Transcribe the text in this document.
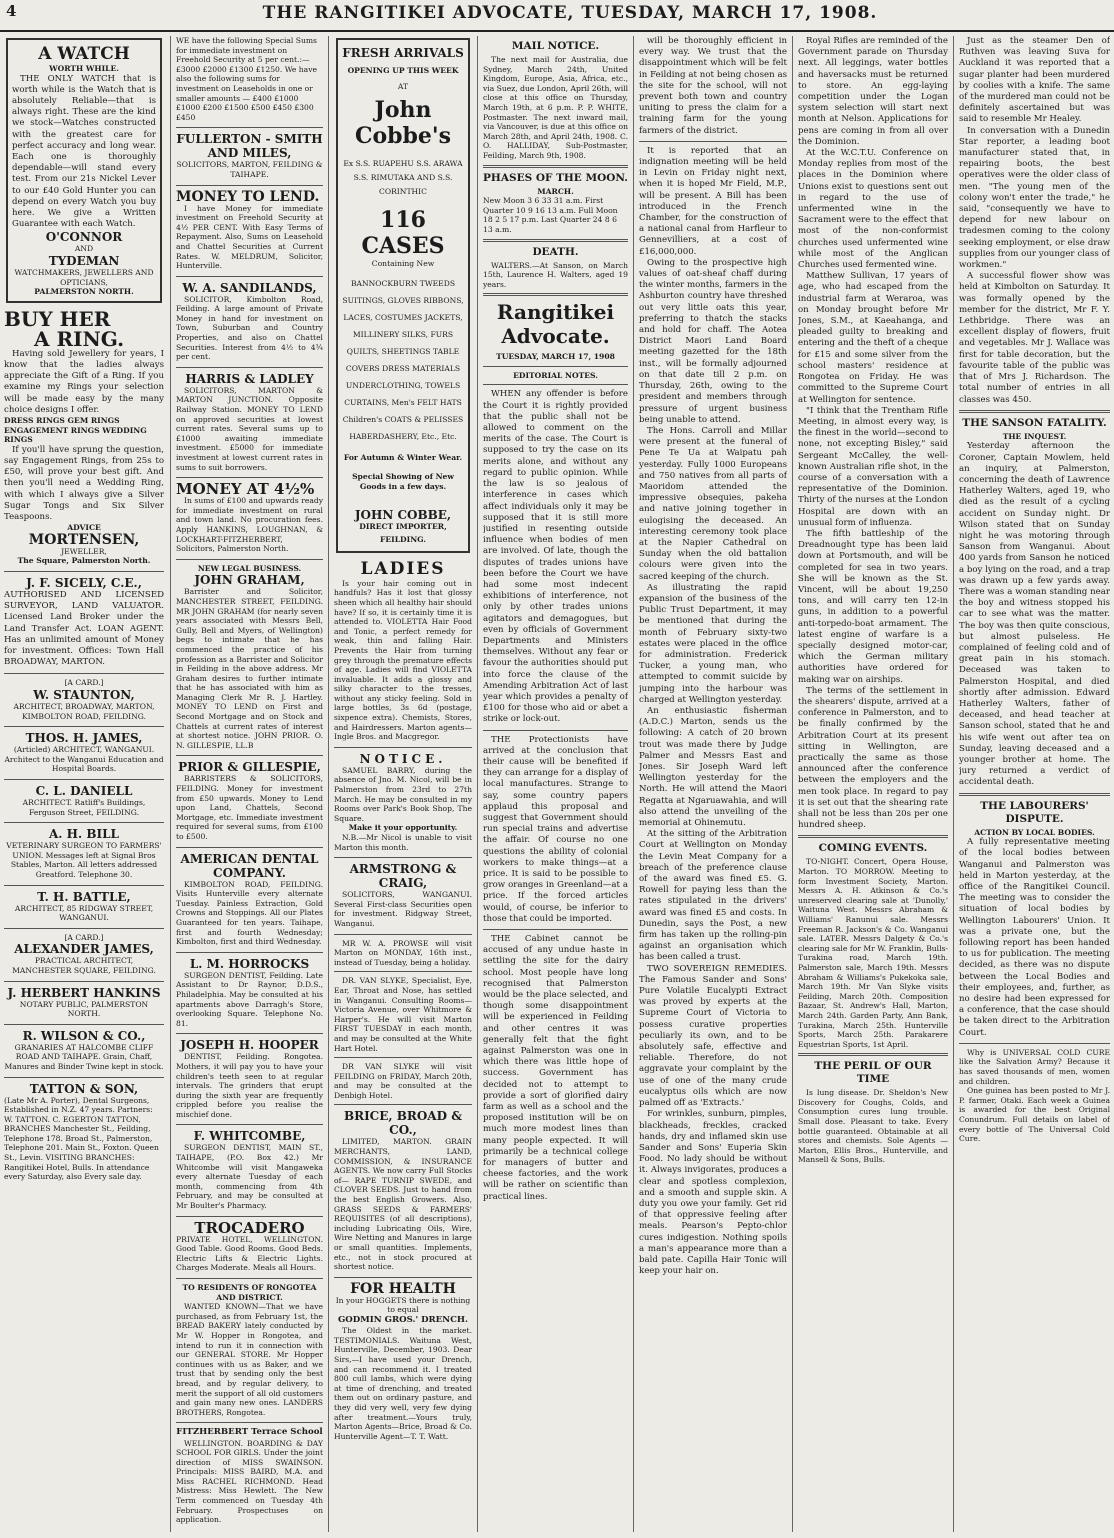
4	THE RANGITIKEI ADVOCATE, TUESDAY, MARCH 17, 1908.
A WATCH
WORTH WHILE.

THE ONLY WATCH that is worth while is the Watch that is absolutely Reliable—that is always right. These are the kind we stock—Watches constructed with the greatest care for perfect accuracy and long wear. Each one is thoroughly dependable—will stand every test. From our 21s Nickel Lever to our £40 Gold Hunter you can depend on every Watch you buy here. We give a Written Guarantee with each Watch.

O'CONNOR
AND
TYDEMAN
WATCHMAKERS, JEWELLERS AND OPTICIANS,
PALMERSTON NORTH.
BUY HER
A RING.

Having sold Jewellery for years, I know that the ladies always appreciate the Gift of a Ring. If you examine my Rings your selection will be made easy by the many choice designs I offer.

DRESS RINGS GEM RINGS ENGAGEMENT RINGS WEDDING RINGS

If you'll have sprung the question, say Engagement Rings, from 25s to £50, will prove your best gift. And then you'll need a Wedding Ring, with which I always give a Silver Sugar Tongs and Six Silver Teaspoons.

ADVICE
MORTENSEN,
JEWELLER,
The Square, Palmerston North.
J. F. SICELY, C.E.,

AUTHORISED AND LICENSED SURVEYOR, LAND VALUATOR. Licensed Land Broker under the Land Transfer Act. LOAN AGENT. Has an unlimited amount of Money for investment. Offices: Town Hall BROADWAY, MARTON.

[A CARD.]
W. STAUNTON,
ARCHITECT, BROADWAY, MARTON, KIMBOLTON ROAD, FEILDING.
THOS. H. JAMES,
(Articled) ARCHITECT, WANGANUI. Architect to the Wanganui Education and Hospital Boards.
C. L. DANIELL
ARCHITECT. Ratliff's Buildings, Ferguson Street, FEILDING.
A. H. BILL
VETERINARY SURGEON TO FARMERS' UNION. Messages left at Signal Bros Stables, Marton. All letters addressed Greatford. Telephone 30.
T. H. BATTLE,
ARCHITECT, 85 RIDGWAY STREET, WANGANUI.
[A CARD.]
ALEXANDER JAMES,
PRACTICAL ARCHITECT, MANCHESTER SQUARE, FEILDING.
J. HERBERT HANKINS
NOTARY PUBLIC, PALMERSTON NORTH.
R. WILSON & CO.,
GRANARIES AT HALCOMBE CLIFF ROAD AND TAIHAPE. Grain, Chaff, Manures and Binder Twine kept in stock.
TATTON & SON,
(Late Mr A. Porter), Dental Surgeons, Established in N.Z. 47 years. Partners: W. TATTON. C. EGERTON TATTON, BRANCHES Manchester St., Feilding, Telephone 178. Broad St., Palmerston, Telephone 201. Main St., Foxton. Queen St., Levin. VISITING BRANCHES: Rangitikei Hotel, Bulls. In attendance every Saturday, also Every sale day.
WE have the following Special Sums for immediate investment on Freehold Security at 5 per cent.:— £3000 £2000 £1300 £1250. We have also the following sums for investment on Leaseholds in one or smaller amounts — £400 £1000 £1000 £200 £1500 £500 £450 £300 £450
FULLERTON - SMITH AND MILES,
SOLICITORS, MARTON, FEILDING & TAIHAPE.
MONEY TO LEND.

I have Money for immediate investment on Freehold Security at 4½ PER CENT. With Easy Terms of Repayment. Also, Sums on Leasehold and Chattel Securities at Current Rates. W. MELDRUM, Solicitor, Hunterville.

W. A. SANDILANDS,

SOLICITOR, Kimbolton Road, Feilding. A large amount of Private Money in hand for investment on Town, Suburban and Country Properties, and also on Chattel Securities. Interest from 4½ to 4¾ per cent.

HARRIS & LADLEY

SOLICITORS, MARTON & MARTON JUNCTION. Opposite Railway Station. MONEY TO LEND on approved securities at lowest current rates. Several sums up to £1000 awaiting immediate investment. £5000 for immediate investment at lowest current rates in sums to suit borrowers.

MONEY AT 4½%

In sums of £100 and upwards ready for immediate investment on rural and town land. No procuration fees. Apply HANKINS, LOUGHNAN, & LOCKHART-FITZHERBERT, Solicitors, Palmerston North.

NEW LEGAL BUSINESS.
JOHN GRAHAM,

Barrister and Solicitor, MANCHESTER STREET, FEILDING. MR JOHN GRAHAM (for nearly seven years associated with Messrs Bell, Gully, Bell and Myers, of Wellington) begs to intimate that he has commenced the practice of his profession as a Barrister and Solicitor in Feilding in the above address. Mr Graham desires to further intimate that he has associated with him as Managing Clerk Mr R. J. Hartley. MONEY TO LEND on First and Second Mortgage and on Stock and Chattels at current rates of interest at shortest notice. JOHN PRIOR. O. N. GILLESPIE, LL.B

PRIOR & GILLESPIE,

BARRISTERS & SOLICITORS, FEILDING. Money for investment from £50 upwards. Money to Lend upon Land, Chattels, Second Mortgage, etc. Immediate investment required for several sums, from £100 to £500.

AMERICAN DENTAL COMPANY.

KIMBOLTON ROAD, FEILDING. Visits Hunterville every alternate Tuesday. Painless Extraction, Gold Crowns and Stoppings. All our Plates Guaranteed for ten years. Taihape, first and fourth Wednesday; Kimbolton, first and third Wednesday.

L. M. HORROCKS

SURGEON DENTIST, Feilding. Late Assistant to Dr Raynor, D.D.S., Philadelphia. May be consulted at his apartments above Darragh's Store, overlooking Square. Telephone No. 81.

JOSEPH H. HOOPER

DENTIST, Feilding. Rongotea. Mothers, it will pay you to have your children's teeth seen to at regular intervals. The grinders that erupt during the sixth year are frequently crippled before you realise the mischief done.

F. WHITCOMBE,

SURGEON DENTIST, MAIN ST., TAIHAPE, (P.O. Box 42.) Mr Whitcombe will visit Mangaweka every alternate Tuesday of each month, commencing from 4th February, and may be consulted at Mr Boulter's Pharmacy.

TROCADERO

PRIVATE HOTEL, WELLINGTON. Good Table. Good Rooms. Good Beds. Electric Lifts & Electric Lights. Charges Moderate. Meals all Hours.

TO RESIDENTS OF RONGOTEA AND DISTRICT.

WANTED KNOWN—That we have purchased, as from February 1st, the BREAD BAKERY lately conducted by Mr W. Hopper in Rongotea, and intend to run it in connection with our GENERAL STORE. Mr Hopper continues with us as Baker, and we trust that by sending only the best bread, and by regular delivery, to merit the support of all old customers and gain many new ones. LANDERS BROTHERS, Rongotea.

FITZHERBERT Terrace School

WELLINGTON. BOARDING & DAY SCHOOL FOR GIRLS. Under the joint direction of MISS SWAINSON. Principals: MISS BAIRD, M.A. and Miss RACHEL RICHMOND. Head Mistress: Miss Hewlett. The New Term commenced on Tuesday 4th February. Prospectuses on application.

FRESH ARRIVALS
OPENING UP THIS WEEK
AT
John Cobbe's
Ex S.S. RUAPEHU S.S. ARAWA S.S. RIMUTAKA AND S.S. CORINTHIC
116 CASES
Containing New
BANNOCKBURN TWEEDS SUITINGS, GLOVES RIBBONS, LACES, COSTUMES JACKETS, MILLINERY SILKS, FURS QUILTS, SHEETINGS TABLE COVERS DRESS MATERIALS UNDERCLOTHING, TOWELS CURTAINS, Men's FELT HATS Children's COATS & PELISSES HABERDASHERY, Etc., Etc.
For Autumn & Winter Wear.
Special Showing of New Goods in a few days.
JOHN COBBE,
DIRECT IMPORTER,
FEILDING.
LADIES

Is your hair coming out in handfuls? Has it lost that glossy sheen which all healthy hair should have? If so, it is certainly time it is attended to. VIOLETTA Hair Food and Tonic, a perfect remedy for weak, thin and falling Hair. Prevents the Hair from turning grey through the premature effects of age. Ladies will find VIOLETTA invaluable. It adds a glossy and silky character to the tresses, without any sticky feeling. Sold in large bottles, 3s 6d (postage, sixpence extra). Chemists, Stores, and Hairdressers. Marton agents—Ingle Bros. and Macgregor.

NOTICE.

SAMUEL BARRY, during the absence of Jno. M. Nicol, will be in Palmerston from 23rd to 27th March. He may be consulted in my Rooms over Park's Book Shop, The Square.

Make it your opportunity.

N.B.—Mr Nicol is unable to visit Marton this month.

ARMSTRONG & CRAIG,

SOLICITORS, WANGANUI. Several First-class Securities open for investment. Ridgway Street, Wanganui.

MR W. A. PROWSE will visit Marton on MONDAY, 16th inst., instead of Tuesday, being a holiday.

DR. VAN SLYKE, Specialist, Eye, Ear, Throat and Nose, has settled in Wanganui. Consulting Rooms—Victoria Avenue, over Whitmore & Harper's. He will visit Marton FIRST TUESDAY in each month, and may be consulted at the White Hart Hotel.

DR VAN SLYKE will visit FEILDING on FRIDAY, March 20th, and may be consulted at the Denbigh Hotel.

BRICE, BROAD & CO.,

LIMITED, MARTON. GRAIN MERCHANTS, LAND, COMMISSION, & INSURANCE AGENTS. We now carry Full Stocks of— RAPE TURNIP SWEDE, and CLOVER SEEDS. Just to hand from the best English Growers. Also, GRASS SEEDS & FARMERS' REQUISITES (of all descriptions), including Lubricating Oils, Wire, Wire Netting and Manures in large or small quantities. Implements, etc., not in stock procured at shortest notice.

FOR HEALTH
In your HOGGETS there is nothing to equal
GODMIN GROS.' DRENCH.

The Oldest in the market. TESTIMONIALS. Waituna West, Hunterville, December, 1903. Dear Sirs,—I have used your Drench, and can recommend it. I treated 800 cull lambs, which were dying at time of drenching, and treated them out on ordinary pasture, and they did very well, very few dying after treatment.—Yours truly, Marton Agents—Brice, Broad & Co. Hunterville Agent—T. T. Watt.

MAIL NOTICE.

The next mail for Australia, due Sydney, March 24th, United Kingdom, Europe, Asia, Africa, etc., via Suez, due London, April 26th, will close at this office on Thursday, March 19th, at 6 p.m. P. P. WHITE, Postmaster. The next inward mail, via Vancouver, is due at this office on March 28th, and April 24th, 1908. C. O. HALLIDAY, Sub-Postmaster, Feilding, March 9th, 1908.

PHASES OF THE MOON.
MARCH.
New Moon 3 6 33 31 a.m. First Quarter 10 9 16 13 a.m. Full Moon 18 2 5 17 p.m. Last Quarter 24 8 6 13 a.m.
DEATH.

WALTERS.—At Sanson, on March 15th, Laurence H. Walters, aged 19 years.

Rangitikei Advocate.
TUESDAY, MARCH 17, 1908
EDITORIAL NOTES.

WHEN any offender is before the Court it is rightly provided that the public shall not be allowed to comment on the merits of the case. The Court is supposed to try the case on its merits alone, and without any regard to public opinion. While the law is so jealous of interference in cases which affect individuals only it may be supposed that it is still more justified in resenting outside influence when bodies of men are involved. Of late, though the disputes of trades unions have been before the Court we have had some most indecent exhibitions of interference, not only by other trades unions agitators and demagogues, but even by officials of Government Departments and Ministers themselves. Without any fear or favour the authorities should put into force the clause of the Amending Arbitration Act of last year which provides a penalty of £100 for those who aid or abet a strike or lock-out.

THE Protectionists have arrived at the conclusion that their cause will be benefited if they can arrange for a display of local manufactures. Strange to say, some country papers applaud this proposal and suggest that Government should run special trains and advertise the affair. Of course no one questions the ability of colonial workers to make things—at a price. It is said to be possible to grow oranges in Greenland—at a price. If the forced articles would, of course, be inferior to those that could be imported.

THE Cabinet cannot be accused of any undue haste in settling the site for the dairy school. Most people have long recognised that Palmerston would be the place selected, and though some disappointment will be experienced in Feilding and other centres it was generally felt that the fight against Palmerston was one in which there was little hope of success. Government has decided not to attempt to provide a sort of glorified dairy farm as well as a school and the proposed institution will be on much more modest lines than many people expected. It will primarily be a technical college for managers of butter and cheese factories, and the work will be rather on scientific than practical lines.

will be thoroughly efficient in every way. We trust that the disappointment which will be felt in Feilding at not being chosen as the site for the school, will not prevent both town and country uniting to press the claim for a training farm for the young farmers of the district.

It is reported that an indignation meeting will be held in Levin on Friday night next, when it is hoped Mr Field, M.P., will be present. A Bill has been introduced in the French Chamber, for the construction of a national canal from Harfleur to Gennevilliers, at a cost of £16,000,000.

Owing to the prospective high values of oat-sheaf chaff during the winter months, farmers in the Ashburton country have threshed out very little oats this year, preferring to thatch the stacks and hold for chaff. The Aotea District Maori Land Board meeting gazetted for the 18th inst., will be formally adjourned on that date till 2 p.m. on Thursday, 26th, owing to the president and members through pressure of urgent business being unable to attend.

The Hons. Carroll and Millar were present at the funeral of Pene Te Ua at Waipatu pah yesterday. Fully 1000 Europeans and 750 natives from all parts of Maoridom attended the impressive obsequies, pakeha and native joining together in eulogising the deceased. An interesting ceremony took place at the Napier Cathedral on Sunday when the old battalion colours were given into the sacred keeping of the church.

As illustrating the rapid expansion of the business of the Public Trust Department, it may be mentioned that during the month of February sixty-two estates were placed in the office for administration. Frederick Tucker, a young man, who attempted to commit suicide by jumping into the harbour was charged at Wellington yesterday.

An enthusiastic fisherman (A.D.C.) Marton, sends us the following: A catch of 20 brown trout was made there by Judge Palmer and Messrs East and Jones. Sir Joseph Ward left Wellington yesterday for the North. He will attend the Maori Regatta at Ngaruawahia, and will also attend the unveiling of the memorial at Ohinemutu.

At the sitting of the Arbitration Court at Wellington on Monday the Levin Meat Company for a breach of the preference clause of the award was fined £5. G. Rowell for paying less than the rates stipulated in the drivers' award was fined £5 and costs. In Dunedin, says the Post, a new firm has taken up the rolling-pin against an organisation which has been called a trust.

TWO SOVEREIGN REMEDIES. The Famous Sander and Sons' Pure Volatile Eucalypti Extract was proved by experts at the Supreme Court of Victoria to possess curative properties peculiarly its own, and to be absolutely safe, effective and reliable. Therefore, do not aggravate your complaint by the use of one of the many crude eucalyptus oils which are now palmed off as 'Extracts.'

For wrinkles, sunburn, pimples, blackheads, freckles, cracked hands, dry and inflamed skin use Sander and Sons' Euperia Skin Food. No lady should be without it. Always invigorates, produces a clear and spotless complexion, and a smooth and supple skin. A duty you owe your family. Get rid of that oppressive feeling after meals. Pearson's Pepto-chlor cures indigestion. Nothing spoils a man's appearance more than a bald pate. Capilla Hair Tonic will keep your hair on.

Royal Rifles are reminded of the Government parade on Thursday next. All leggings, water bottles and haversacks must be returned to store. An egg-laying competition under the Logan system selection will start next month at Nelson. Applications for pens are coming in from all over the Dominion.

At the W.C.T.U. Conference on Monday replies from most of the places in the Dominion where Unions exist to questions sent out in regard to the use of unfermented wine in the Sacrament were to the effect that most of the non-conformist churches used unfermented wine while most of the Anglican Churches used fermented wine.

Matthew Sullivan, 17 years of age, who had escaped from the industrial farm at Weraroa, was on Monday brought before Mr Jones, S.M., at Kaeahanga, and pleaded guilty to breaking and entering and the theft of a cheque for £15 and some silver from the school masters' residence at Rongotea on Friday. He was committed to the Supreme Court at Wellington for sentence.

"I think that the Trentham Rifle Meeting, in almost every way, is the finest in the world—second to none, not excepting Bisley," said Sergeant McCalley, the well-known Australian rifle shot, in the course of a conversation with a representative of the Dominion. Thirty of the nurses at the London Hospital are down with an unusual form of influenza.

The fifth battleship of the Dreadnought type has been laid down at Portsmouth, and will be completed for sea in two years. She will be known as the St. Vincent, will be about 19,250 tons, and will carry ten 12-in guns, in addition to a powerful anti-torpedo-boat armament. The latest engine of warfare is a specially designed motor-car, which the German military authorities have ordered for making war on airships.

The terms of the settlement in the shearers' dispute, arrived at a conference in Palmerston, and to be finally confirmed by the Arbitration Court at its present sitting in Wellington, are practically the same as those announced after the conference between the employers and the men took place. In regard to pay it is set out that the shearing rate shall not be less than 20s per one hundred sheep.

COMING EVENTS.

TO-NIGHT. Concert, Opera House, Marton. TO MORROW. Meeting to form Investment Society, Marton. Messrs A. H. Atkinson & Co.'s unreserved clearing sale at 'Dunolly,' Waituna West. Messrs Abraham & Williams' Ranunui sale. Messrs Freeman R. Jackson's & Co. Wanganui sale. LATER. Messrs Dalgety & Co.'s clearing sale for Mr W. Franklin, Bulls-Turakina road, March 19th. Palmerston sale, March 19th. Messrs Abraham & Williams's Pukekoka sale, March 19th. Mr Van Slyke visits Feilding, March 20th. Composition Bazaar, St. Andrew's Hall, Marton, March 24th. Garden Party, Ann Bank, Turakina, March 25th. Hunterville Sports, March 25th. Parakarere Equestrian Sports, 1st April.

THE PERIL OF OUR TIME

Is lung disease. Dr. Sheldon's New Discovery for Coughs, Colds, and Consumption cures lung trouble. Small dose. Pleasant to take. Every bottle guaranteed. Obtainable at all stores and chemists. Sole Agents — Marton, Ellis Bros., Hunterville, and Mansell & Sons, Bulls.

Just as the steamer Den of Ruthven was leaving Suva for Auckland it was reported that a sugar planter had been murdered by coolies with a knife. The same of the murdered man could not be definitely ascertained but was said to resemble Mr Healey.

In conversation with a Dunedin Star reporter, a leading boot manufacturer stated that, in repairing boots, the best operatives were the older class of men. "The young men of the colony won't enter the trade," he said, "consequently we have to depend for new labour on tradesmen coming to the colony seeking employment, or else draw supplies from our younger class of workmen."

A successful flower show was held at Kimbolton on Saturday. It was formally opened by the member for the district, Mr F. Y. Lethbridge. There was an excellent display of flowers, fruit and vegetables. Mr J. Wallace was first for table decoration, but the favourite table of the public was that of Mrs J. Richardson. The total number of entries in all classes was 450.

THE SANSON FATALITY.
THE INQUEST.

Yesterday afternoon the Coroner, Captain Mowlem, held an inquiry, at Palmerston, concerning the death of Lawrence Hatherley Walters, aged 19, who died as the result of a cycling accident on Sunday night. Dr Wilson stated that on Sunday night he was motoring through Sanson from Wanganui. About 400 yards from Sanson he noticed a boy lying on the road, and a trap was drawn up a few yards away. There was a woman standing near the boy and witness stopped his car to see what was the matter. The boy was then quite conscious, but almost pulseless. He complained of feeling cold and of great pain in his stomach. Deceased was taken to Palmerston Hospital, and died shortly after admission. Edward Hatherley Walters, father of deceased, and head teacher at Sanson school, stated that he and his wife went out after tea on Sunday, leaving deceased and a younger brother at home. The jury returned a verdict of accidental death.

THE LABOURERS' DISPUTE.
ACTION BY LOCAL BODIES.

A fully representative meeting of the local bodies between Wanganui and Palmerston was held in Marton yesterday, at the office of the Rangitikei Council. The meeting was to consider the situation of local bodies by Wellington Labourers' Union. It was a private one, but the following report has been handed to us for publication. The meeting decided, as there was no dispute between the Local Bodies and their employees, and, further, as no desire had been expressed for a conference, that the case should be taken direct to the Arbitration Court.

Why is UNIVERSAL COLD CURE like the Salvation Army? Because it has saved thousands of men, women and children.

One guinea has been posted to Mr J. P. farmer, Otaki. Each week a Guinea is awarded for the best Original Conundrum. Full details on label of every bottle of The Universal Cold Cure.
